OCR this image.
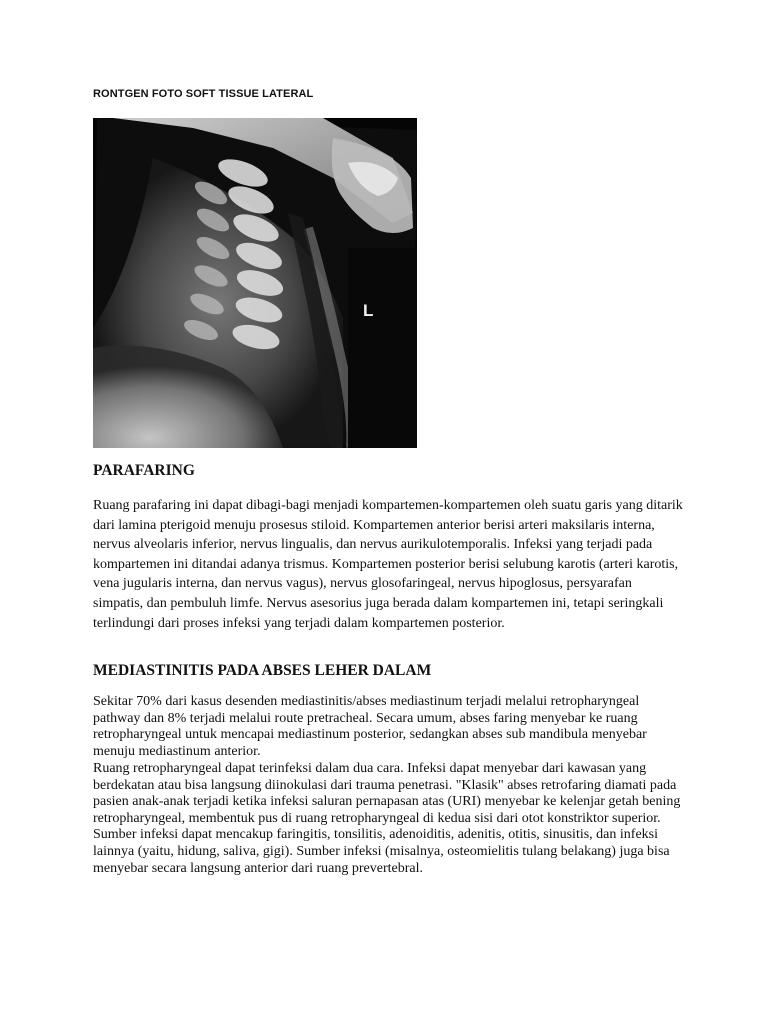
RONTGEN FOTO SOFT TISSUE LATERAL
L
PARAFARING

Ruang parafaring ini dapat dibagi-bagi menjadi kompartemen-kompartemen oleh suatu garis yang ditarik dari lamina pterigoid menuju prosesus stiloid. Kompartemen anterior berisi arteri maksilaris interna, nervus alveolaris inferior, nervus lingualis, dan nervus aurikulotemporalis. Infeksi yang terjadi pada kompartemen ini ditandai adanya trismus. Kompartemen posterior berisi selubung karotis (arteri karotis, vena jugularis interna, dan nervus vagus), nervus glosofaringeal, nervus hipoglosus, persyarafan simpatis, dan pembuluh limfe. Nervus asesorius juga berada dalam kompartemen ini, tetapi seringkali terlindungi dari proses infeksi yang terjadi dalam kompartemen posterior.

MEDIASTINITIS PADA ABSES LEHER DALAM

Sekitar 70% dari kasus desenden mediastinitis/abses mediastinum terjadi melalui retropharyngeal pathway dan 8% terjadi melalui route pretracheal. Secara umum, abses faring menyebar ke ruang retropharyngeal untuk mencapai mediastinum posterior, sedangkan abses sub mandibula menyebar menuju mediastinum anterior.

Ruang retropharyngeal dapat terinfeksi dalam dua cara. Infeksi dapat menyebar dari kawasan yang berdekatan atau bisa langsung diinokulasi dari trauma penetrasi. "Klasik" abses retrofaring diamati pada pasien anak-anak terjadi ketika infeksi saluran pernapasan atas (URI) menyebar ke kelenjar getah bening retropharyngeal, membentuk pus di ruang retropharyngeal di kedua sisi dari otot konstriktor superior. Sumber infeksi dapat mencakup faringitis, tonsilitis, adenoiditis, adenitis, otitis, sinusitis, dan infeksi lainnya (yaitu, hidung, saliva, gigi). Sumber infeksi (misalnya, osteomielitis tulang belakang) juga bisa menyebar secara langsung anterior dari ruang prevertebral.
